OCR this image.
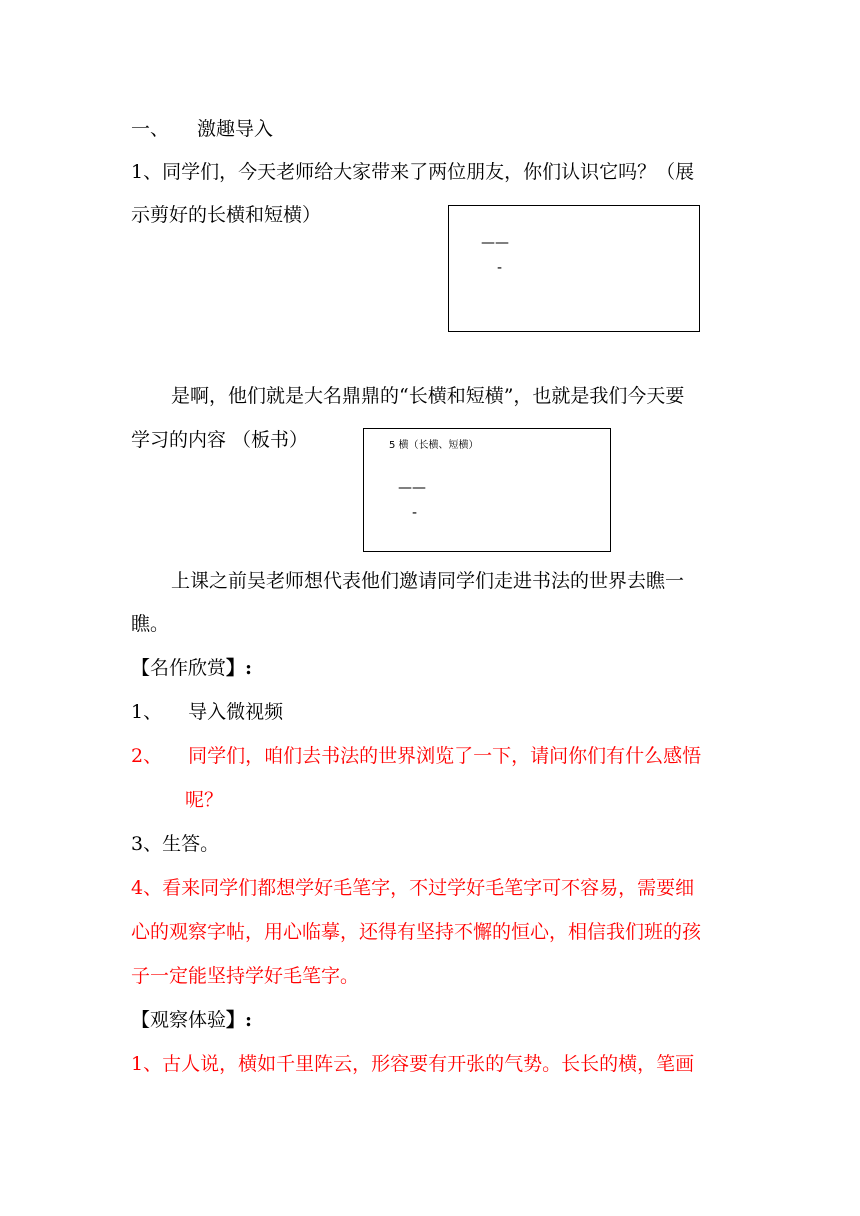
一、 激趣导入
1、同学们，今天老师给大家带来了两位朋友，你们认识它吗？（展
示剪好的长横和短横）
——
-
是啊，他们就是大名鼎鼎的“长横和短横”，也就是我们今天要
学习的内容 （板书）	5 横（长横、短横）
——
-
上课之前吴老师想代表他们邀请同学们走进书法的世界去瞧一
瞧。
【名作欣赏】:
1、 导入微视频
2、 同学们，咱们去书法的世界浏览了一下，请问你们有什么感悟
呢？
3、生答。
4、看来同学们都想学好毛笔字，不过学好毛笔字可不容易，需要细
心的观察字帖，用心临摹，还得有坚持不懈的恒心，相信我们班的孩
子一定能坚持学好毛笔字。
【观察体验】:
1、古人说，横如千里阵云，形容要有开张的气势。长长的横，笔画
